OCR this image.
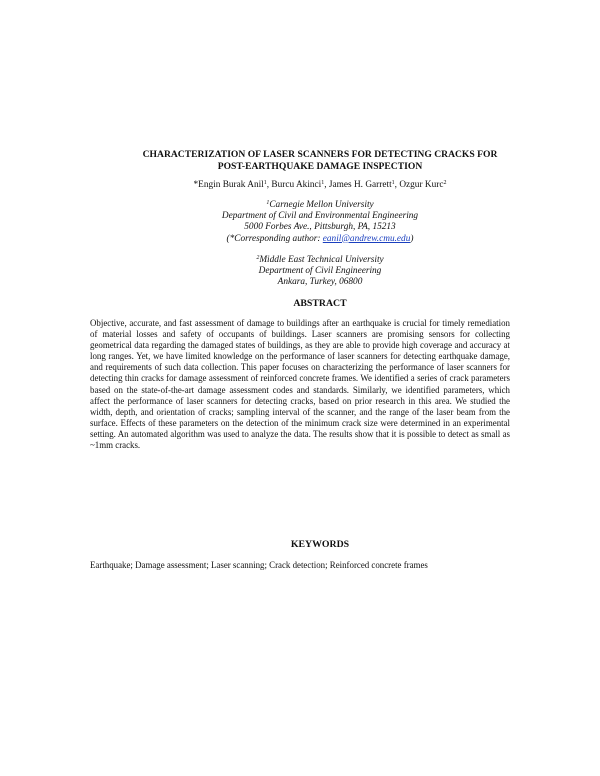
CHARACTERIZATION OF LASER SCANNERS FOR DETECTING CRACKS FOR
POST-EARTHQUAKE DAMAGE INSPECTION
*Engin Burak Anil$^1$, Burcu Akinci$^1$, James H. Garrett$^1$, Ozgur Kurc$^2$
$^1$Carnegie Mellon University
Department of Civil and Environmental Engineering
5000 Forbes Ave., Pittsburgh, PA, 15213
(*Corresponding author: eanil@andrew.cmu.edu)
$^2$Middle East Technical University
Department of Civil Engineering
Ankara, Turkey, 06800
ABSTRACT

Objective, accurate, and fast assessment of damage to buildings after an earthquake is crucial for timely remediation of material losses and safety of occupants of buildings. Laser scanners are promising sensors for collecting geometrical data regarding the damaged states of buildings, as they are able to provide high coverage and accuracy at long ranges. Yet, we have limited knowledge on the performance of laser scanners for detecting earthquake damage, and requirements of such data collection. This paper focuses on characterizing the performance of laser scanners for detecting thin cracks for damage assessment of reinforced concrete frames. We identified a series of crack parameters based on the state-of-the-art damage assessment codes and standards. Similarly, we identified parameters, which affect the performance of laser scanners for detecting cracks, based on prior research in this area. We studied the width, depth, and orientation of cracks; sampling interval of the scanner, and the range of the laser beam from the surface. Effects of these parameters on the detection of the minimum crack size were determined in an experimental setting. An automated algorithm was used to analyze the data. The results show that it is possible to detect as small as ~1mm cracks.

KEYWORDS

Earthquake; Damage assessment; Laser scanning; Crack detection; Reinforced concrete frames
